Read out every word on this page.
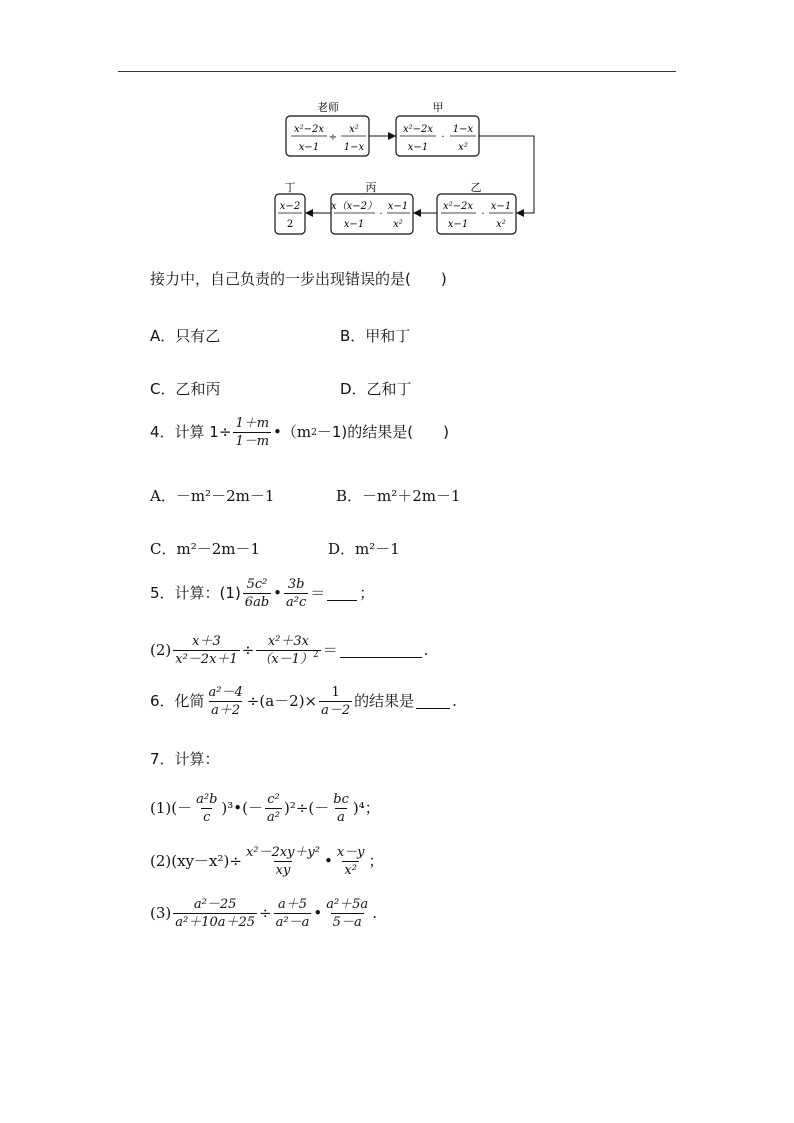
老师	甲
乙
丙
丁
x²−2x
x−1
÷
x²
1−x
x²−2x
x−1
·
1−x
x²
x²−2x
x−1
·
x−1
x²
x（x−2）
x−1
·
x−1
x²
x−2
2
接力中，自己负责的一步出现错误的是(　　)
A．只有乙	B．甲和丁
C．乙和丙	D．乙和丁
4．计算 $1\div \frac{1+m}{1-m}$ •（m 2 －1)的结果是(　　)
A．－m²－2m－1	B．－m²＋2m－1
C．m²－2m－1	D．m²－1
5．计算：$(1) \frac{\text{5c²}}{6ab}$ • $\frac{3b}{\text{a²c}}$ ＝ ；
$(2) \frac{x+3}{\text{x²－2x＋1}} \div \frac{\text{x²＋3x}}{(x-1)^2}$ ＝	.
6．化简 $\frac{\text{a²－4}}{a+2} \div(a-2)\times \frac{1}{a-2}$ 的结果是	.
7．计算：
$(1)(- \frac{\text{a²b}}{c}$ )³•(－ $\frac{\text{c²}}{\text{a²}} )^2\div(- \frac{bc}{a} )^4$；
$(2)(xy-x^2)\div \frac{\text{x²－2xy＋y²}}{xy}$ • $\frac{x-y}{\text{x²}}$ ；
$(3) \frac{\text{a²－25}}{\text{a²＋10a＋25}} \div \frac{a+5}{\text{a²－a}}$ • $\frac{\text{a²＋5a}}{5-a}$ .
